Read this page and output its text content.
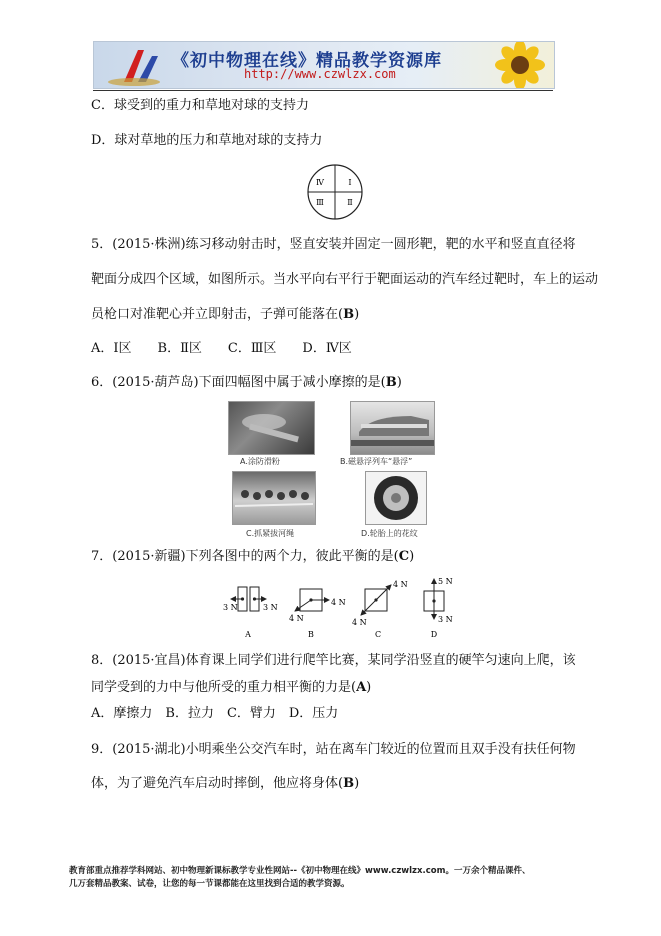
《初中物理在线》精品教学资源库
http://www.czwlzx.com
C．球受到的重力和草地对球的支持力
D．球对草地的压力和草地对球的支持力
Ⅳ	Ⅰ
Ⅲ	Ⅱ
5．(2015·株洲)练习移动射击时，竖直安装并固定一圆形靶，靶的水平和竖直直径将
靶面分成四个区域，如图所示。当水平向右平行于靶面运动的汽车经过靶时，车上的运动
员枪口对准靶心并立即射击，子弹可能落在(B)
A．Ⅰ区　　B．Ⅱ区　　C．Ⅲ区　　D．Ⅳ区
6．(2015·葫芦岛)下面四幅图中属于减小摩擦的是(B)
A.涂防滑粉	B.磁悬浮列车“悬浮”
C.抓紧拔河绳	D.轮胎上的花纹
7．(2015·新疆)下列各图中的两个力，彼此平衡的是(C)
3 N	3 N
A
4 N
4 N
B
4 N
4 N
C
5 N
3 N
D
8．(2015·宜昌)体育课上同学们进行爬竿比赛，某同学沿竖直的硬竿匀速向上爬，该
同学受到的力中与他所受的重力相平衡的力是(A)
A．摩擦力　B．拉力　C．臂力　D．压力
9．(2015·湖北)小明乘坐公交汽车时，站在离车门较近的位置而且双手没有扶任何物
体，为了避免汽车启动时摔倒，他应将身体(B)
教育部重点推荐学科网站、初中物理新课标教学专业性网站--《初中物理在线》www.czwlzx.com。一万余个精品课件、
几万套精品教案、试卷，让您的每一节课都能在这里找到合适的教学资源。
